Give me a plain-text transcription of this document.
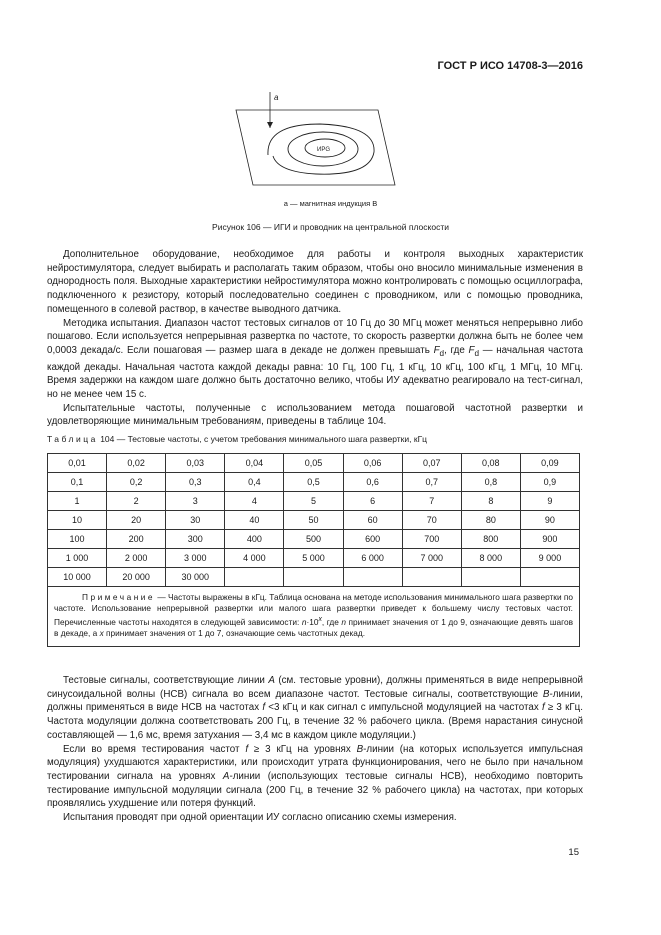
ГОСТ Р ИСО 14708-3—2016
а
ИРG
а — магнитная индукция В
Рисунок 106 — ИГИ и проводник на центральной плоскости

Дополнительное оборудование, необходимое для работы и контроля выходных характеристик нейростимулятора, следует выбирать и располагать таким образом, чтобы оно вносило минимальные изменения в однородность поля. Выходные характеристики нейростимулятора можно контролировать с помощью осциллографа, подключенного к резистору, который последовательно соединен с проводником, или с помощью проводника, помещенного в солевой раствор, в качестве выводного датчика.

Методика испытания. Диапазон частот тестовых сигналов от 10 Гц до 30 МГц может меняться непрерывно либо пошагово. Если используется непрерывная развертка по частоте, то скорость развертки должна быть не более чем 0,0003 декада/с. Если пошаговая — размер шага в декаде не должен превышать $F_d$, где $F_d$ — начальная частота каждой декады. Начальная частота каждой декады равна: 10 Гц, 100 Гц, 1 кГц, 10 кГц, 100 кГц, 1 МГц, 10 МГц. Время задержки на каждом шаге должно быть достаточно велико, чтобы ИУ адекватно реагировало на тест-сигнал, но не менее чем 15 с.

Испытательные частоты, полученные с использованием метода пошаговой частотной развертки и удовлетворяющие минимальным требованиям, приведены в таблице 104.

Таблица 104 — Тестовые частоты, с учетом требования минимального шага развертки, кГц
0,01	0,02	0,03	0,04	0,05	0,06	0,07	0,08	0,09
0,1	0,2	0,3	0,4	0,5	0,6	0,7	0,8	0,9
1	2	3	4	5	6	7	8	9
10	20	30	40	50	60	70	80	90
100	200	300	400	500	600	700	800	900
1 000	2 000	3 000	4 000	5 000	6 000	7 000	8 000	9 000
10 000	20 000	30 000						
Примечание — Частоты выражены в кГц. Таблица основана на методе использования минимального шага развертки по частоте. Использование непрерывной развертки или малого шага развертки приведет к большему числу тестовых частот. Перечисленные частоты находятся в следующей зависимости: $n\cdot 10^x$, где n принимает значения от 1 до 9, означающие девять шагов в декаде, а x принимает значения от 1 до 7, означающие семь частотных декад.								

Тестовые сигналы, соответствующие линии А (см. тестовые уровни), должны применяться в виде непрерывной синусоидальной волны (НСВ) сигнала во всем диапазоне частот. Тестовые сигналы, соответствующие В-линии, должны применяться в виде НСВ на частотах f <3 кГц и как сигнал с импульсной модуляцией на частотах f ≥ 3 кГц. Частота модуляции должна соответствовать 200 Гц, в течение 32 % рабочего цикла. (Время нарастания синусной составляющей — 1,6 мс, время затухания — 3,4 мс в каждом цикле модуляции.)

Если во время тестирования частот f ≥ 3 кГц на уровнях В-линии (на которых используется импульсная модуляция) ухудшаются характеристики, или происходит утрата функционирования, чего не было при начальном тестировании сигнала на уровнях А-линии (использующих тестовые сигналы НСВ), необходимо повторить тестирование импульсной модуляции сигнала (200 Гц, в течение 32 % рабочего цикла) на частотах, при которых проявлялись ухудшение или потеря функций.

Испытания проводят при одной ориентации ИУ согласно описанию схемы измерения.

15
